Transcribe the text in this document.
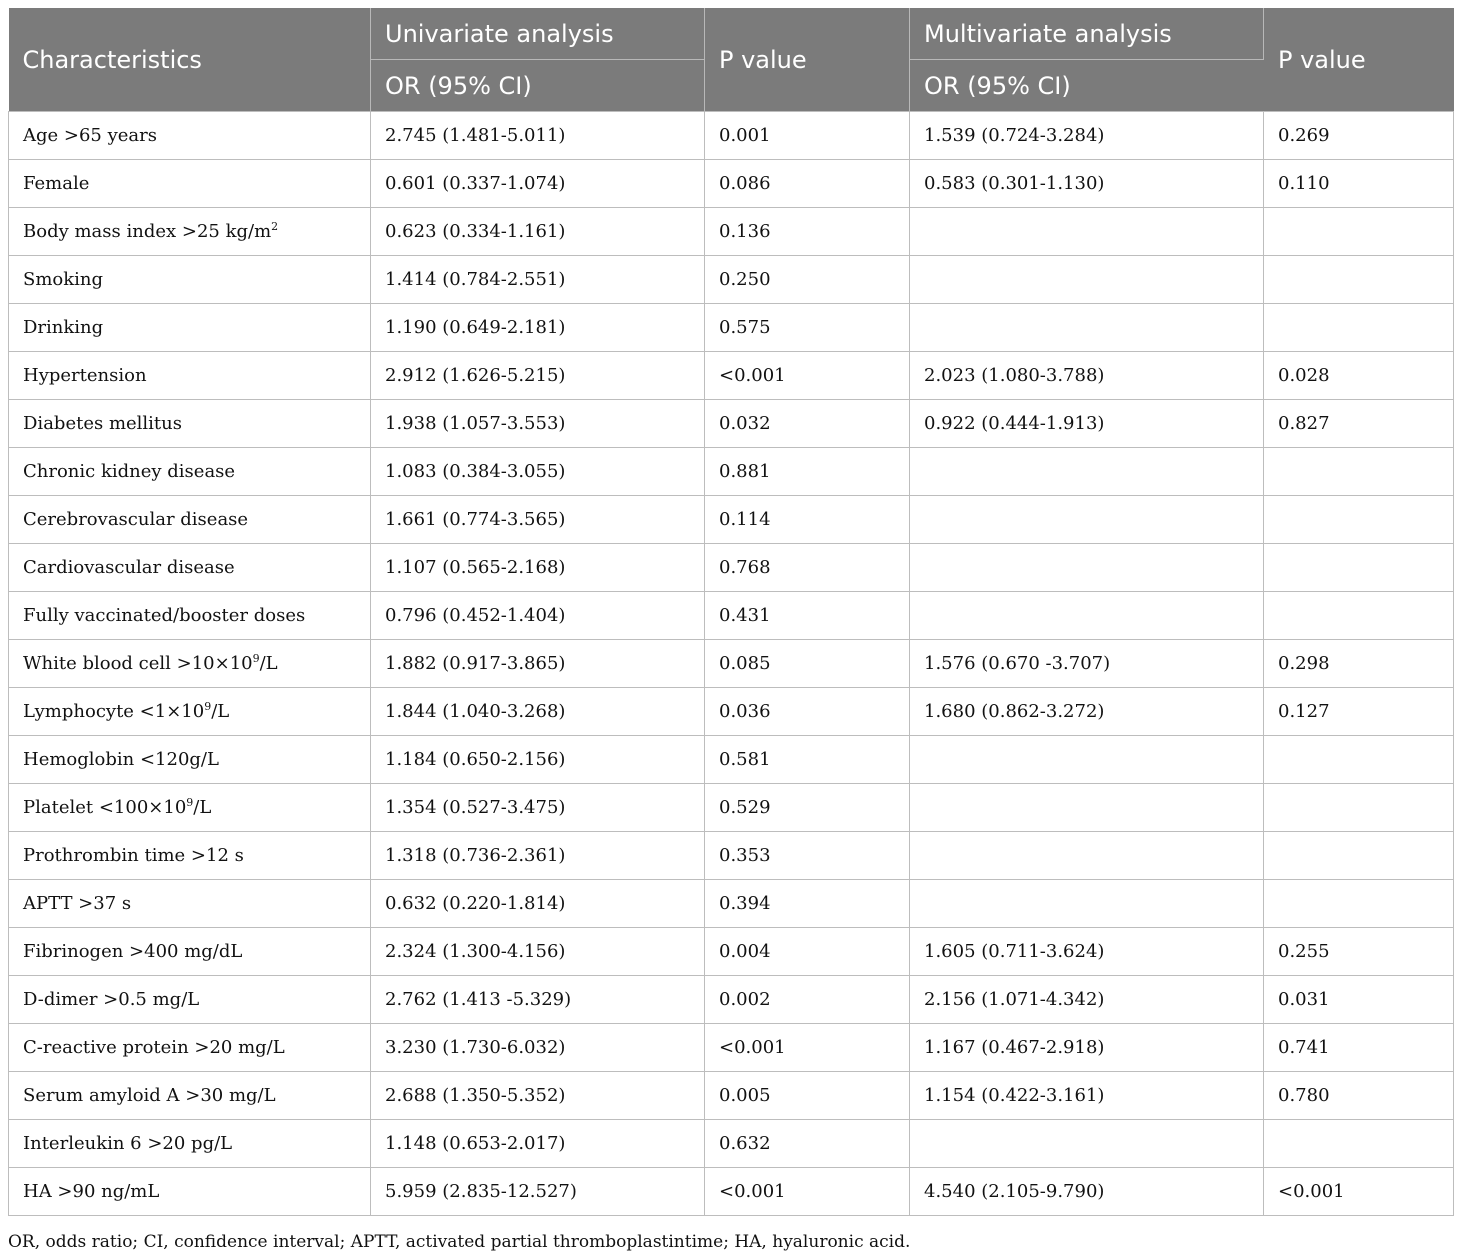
Characteristics	Univariate analysis	P value	Multivariate analysis	P value
	OR (95% CI)		OR (95% CI)	
Age >65 years	2.745 (1.481-5.011)	0.001	1.539 (0.724-3.284)	0.269
Female	0.601 (0.337-1.074)	0.086	0.583 (0.301-1.130)	0.110
Body mass index >25 $kg/m^2$	0.623 (0.334-1.161)	0.136		
Smoking	1.414 (0.784-2.551)	0.250		
Drinking	1.190 (0.649-2.181)	0.575		
Hypertension	2.912 (1.626-5.215)	<0.001	2.023 (1.080-3.788)	0.028
Diabetes mellitus	1.938 (1.057-3.553)	0.032	0.922 (0.444-1.913)	0.827
Chronic kidney disease	1.083 (0.384-3.055)	0.881		
Cerebrovascular disease	1.661 (0.774-3.565)	0.114		
Cardiovascular disease	1.107 (0.565-2.168)	0.768		
Fully vaccinated/booster doses	0.796 (0.452-1.404)	0.431		
White blood cell $>10\times 10^9/L$	1.882 (0.917-3.865)	0.085	1.576 (0.670 -3.707)	0.298
Lymphocyte $<1\times 10^9/L$	1.844 (1.040-3.268)	0.036	1.680 (0.862-3.272)	0.127
Hemoglobin <120g/L	1.184 (0.650-2.156)	0.581		
Platelet $<100\times 10^9/L$	1.354 (0.527-3.475)	0.529		
Prothrombin time >12 s	1.318 (0.736-2.361)	0.353		
APTT >37 s	0.632 (0.220-1.814)	0.394		
Fibrinogen >400 mg/dL	2.324 (1.300-4.156)	0.004	1.605 (0.711-3.624)	0.255
D-dimer >0.5 mg/L	2.762 (1.413 -5.329)	0.002	2.156 (1.071-4.342)	0.031
C-reactive protein >20 mg/L	3.230 (1.730-6.032)	<0.001	1.167 (0.467-2.918)	0.741
Serum amyloid A >30 mg/L	2.688 (1.350-5.352)	0.005	1.154 (0.422-3.161)	0.780
Interleukin 6 >20 pg/L	1.148 (0.653-2.017)	0.632		
HA >90 ng/mL	5.959 (2.835-12.527)	<0.001	4.540 (2.105-9.790)	<0.001
OR, odds ratio; CI, confidence interval; APTT, activated partial thromboplastintime; HA, hyaluronic acid.
